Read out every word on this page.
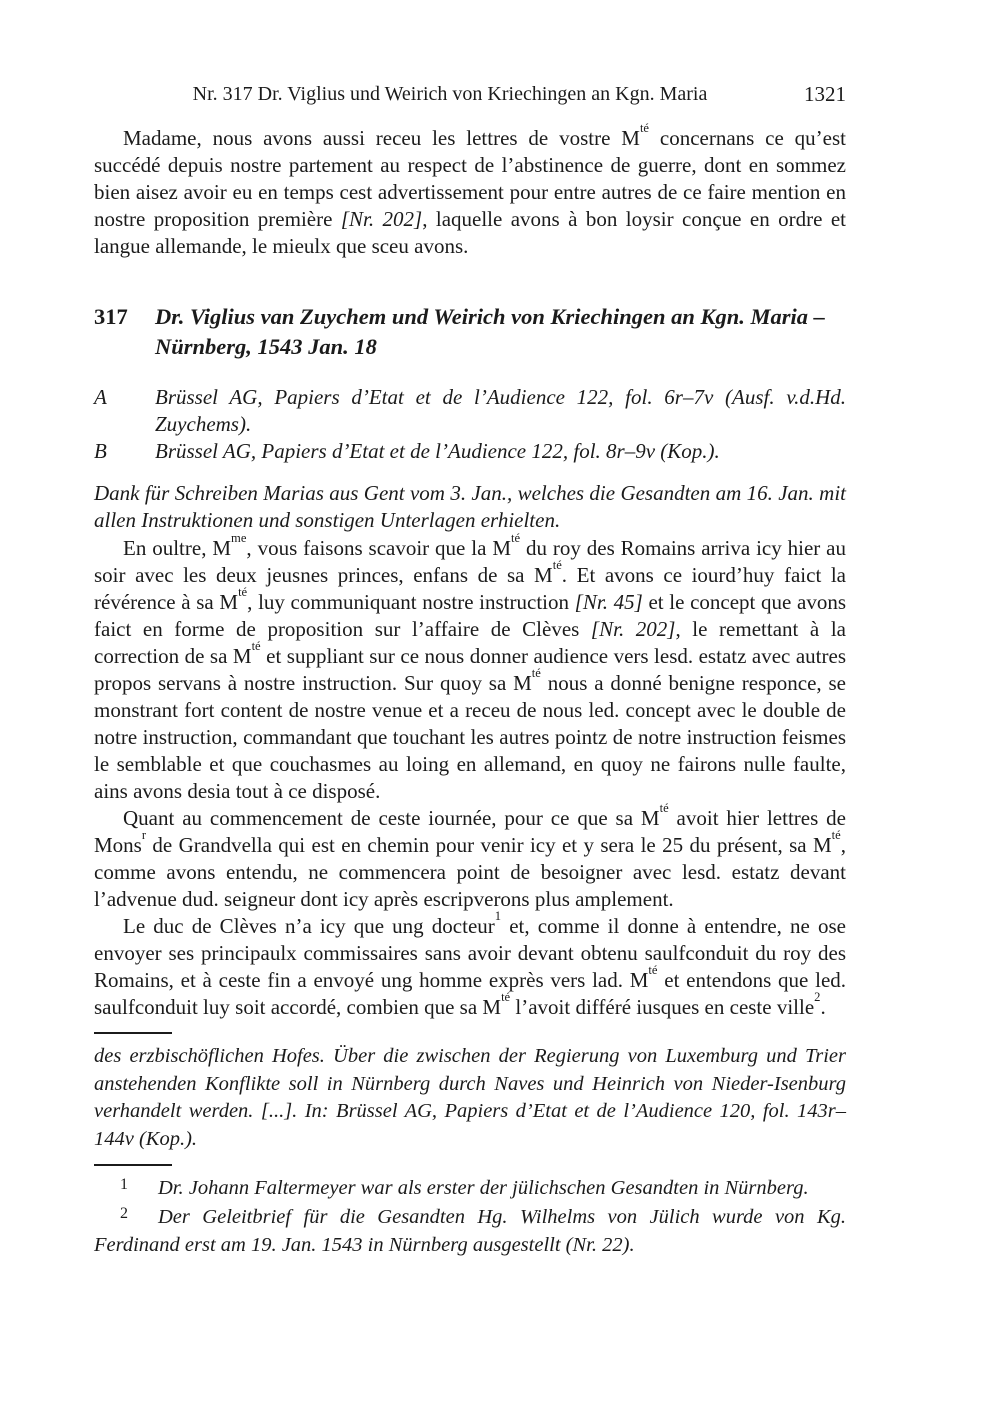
Nr. 317 Dr. Viglius und Weirich von Kriechingen an Kgn. Maria	1321

Madame, nous avons aussi receu les lettres de vostre $M^{té}$ concernans ce qu’est succédé depuis nostre partement au respect de l’abstinence de guerre, dont en sommez bien aisez avoir eu en temps cest advertissement pour entre autres de ce faire mention en nostre proposition première [Nr. 202], laquelle avons à bon loysir conçue en ordre et langue allemande, le mieulx que sceu avons.

317	Dr. Viglius van Zuychem und Weirich von Kriechingen an Kgn. Maria – Nürnberg, 1543 Jan. 18
A	Brüssel AG, Papiers d’Etat et de l’Audience 122, fol. 6r–7v (Ausf. v.d.Hd. Zuychems).
B	Brüssel AG, Papiers d’Etat et de l’Audience 122, fol. 8r–9v (Kop.).

Dank für Schreiben Marias aus Gent vom 3. Jan., welches die Gesandten am 16. Jan. mit allen Instruktionen und sonstigen Unterlagen erhielten.

En oultre, $M^{me}$, vous faisons scavoir que la $M^{té}$ du roy des Romains arriva icy hier au soir avec les deux jeusnes princes, enfans de sa $M^{té}$. Et avons ce iourd’huy faict la révérence à sa $M^{té}$, luy communiquant nostre instruction [Nr. 45] et le concept que avons faict en forme de proposition sur l’affaire de Clèves [Nr. 202], le remettant à la correction de sa $M^{té}$ et suppliant sur ce nous donner audience vers lesd. estatz avec autres propos servans à nostre instruction. Sur quoy sa $M^{té}$ nous a donné benigne responce, se monstrant fort content de nostre venue et a receu de nous led. concept avec le double de notre instruction, commandant que touchant les autres pointz de notre instruction feismes le semblable et que couchasmes au loing en allemand, en quoy ne fairons nulle faulte, ains avons desia tout à ce disposé.

Quant au commencement de ceste iournée, pour ce que sa $M^{té}$ avoit hier lettres de Mons$^r$ de Grandvella qui est en chemin pour venir icy et y sera le 25 du présent, sa $M^{té}$, comme avons entendu, ne commencera point de besoigner avec lesd. estatz devant l’advenue dud. seigneur dont icy après escripverons plus amplement.

Le duc de Clèves n’a icy que ung docteur$^1$ et, comme il donne à entendre, ne ose envoyer ses principaulx commissaires sans avoir devant obtenu saulfconduit du roy des Romains, et à ceste fin a envoyé ung homme exprès vers lad. $M^{té}$ et entendons que led. saulfconduit luy soit accordé, combien que sa $M^{té}$ l’avoit différé iusques en ceste ville$^2$.

des erzbischöflichen Hofes. Über die zwischen der Regierung von Luxemburg und Trier anstehenden Konflikte soll in Nürnberg durch Naves und Heinrich von Nieder-Isenburg verhandelt werden. [...]. In: Brüssel AG, Papiers d’Etat et de l’Audience 120, fol. 143r–144v (Kop.).

$^1$ Dr. Johann Faltermeyer war als erster der jülichschen Gesandten in Nürnberg.

$^2$ Der Geleitbrief für die Gesandten Hg. Wilhelms von Jülich wurde von Kg. Ferdinand erst am 19. Jan. 1543 in Nürnberg ausgestellt (Nr. 22).
